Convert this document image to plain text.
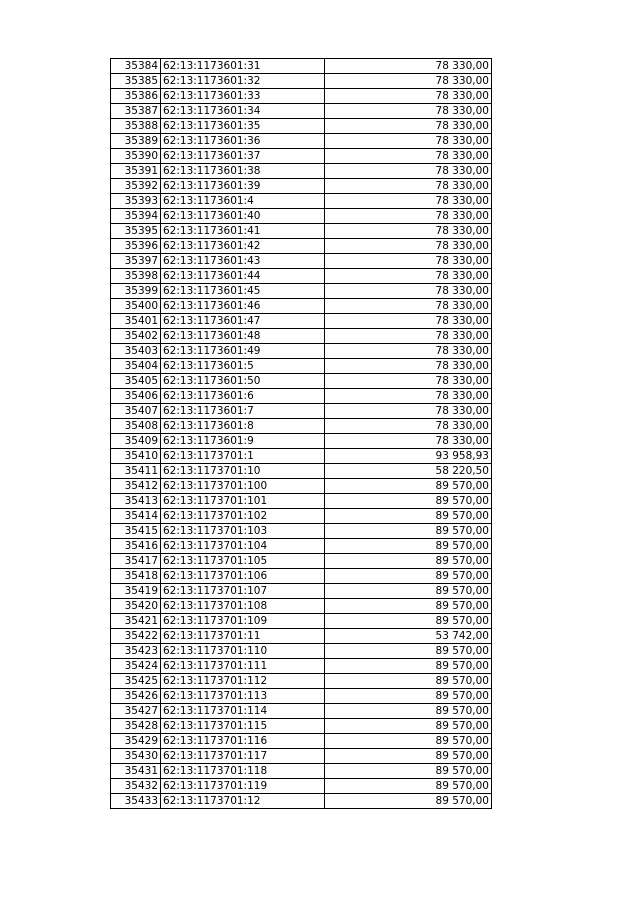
35384	62:13:1173601:31	78 330,00
35385	62:13:1173601:32	78 330,00
35386	62:13:1173601:33	78 330,00
35387	62:13:1173601:34	78 330,00
35388	62:13:1173601:35	78 330,00
35389	62:13:1173601:36	78 330,00
35390	62:13:1173601:37	78 330,00
35391	62:13:1173601:38	78 330,00
35392	62:13:1173601:39	78 330,00
35393	62:13:1173601:4	78 330,00
35394	62:13:1173601:40	78 330,00
35395	62:13:1173601:41	78 330,00
35396	62:13:1173601:42	78 330,00
35397	62:13:1173601:43	78 330,00
35398	62:13:1173601:44	78 330,00
35399	62:13:1173601:45	78 330,00
35400	62:13:1173601:46	78 330,00
35401	62:13:1173601:47	78 330,00
35402	62:13:1173601:48	78 330,00
35403	62:13:1173601:49	78 330,00
35404	62:13:1173601:5	78 330,00
35405	62:13:1173601:50	78 330,00
35406	62:13:1173601:6	78 330,00
35407	62:13:1173601:7	78 330,00
35408	62:13:1173601:8	78 330,00
35409	62:13:1173601:9	78 330,00
35410	62:13:1173701:1	93 958,93
35411	62:13:1173701:10	58 220,50
35412	62:13:1173701:100	89 570,00
35413	62:13:1173701:101	89 570,00
35414	62:13:1173701:102	89 570,00
35415	62:13:1173701:103	89 570,00
35416	62:13:1173701:104	89 570,00
35417	62:13:1173701:105	89 570,00
35418	62:13:1173701:106	89 570,00
35419	62:13:1173701:107	89 570,00
35420	62:13:1173701:108	89 570,00
35421	62:13:1173701:109	89 570,00
35422	62:13:1173701:11	53 742,00
35423	62:13:1173701:110	89 570,00
35424	62:13:1173701:111	89 570,00
35425	62:13:1173701:112	89 570,00
35426	62:13:1173701:113	89 570,00
35427	62:13:1173701:114	89 570,00
35428	62:13:1173701:115	89 570,00
35429	62:13:1173701:116	89 570,00
35430	62:13:1173701:117	89 570,00
35431	62:13:1173701:118	89 570,00
35432	62:13:1173701:119	89 570,00
35433	62:13:1173701:12	89 570,00
